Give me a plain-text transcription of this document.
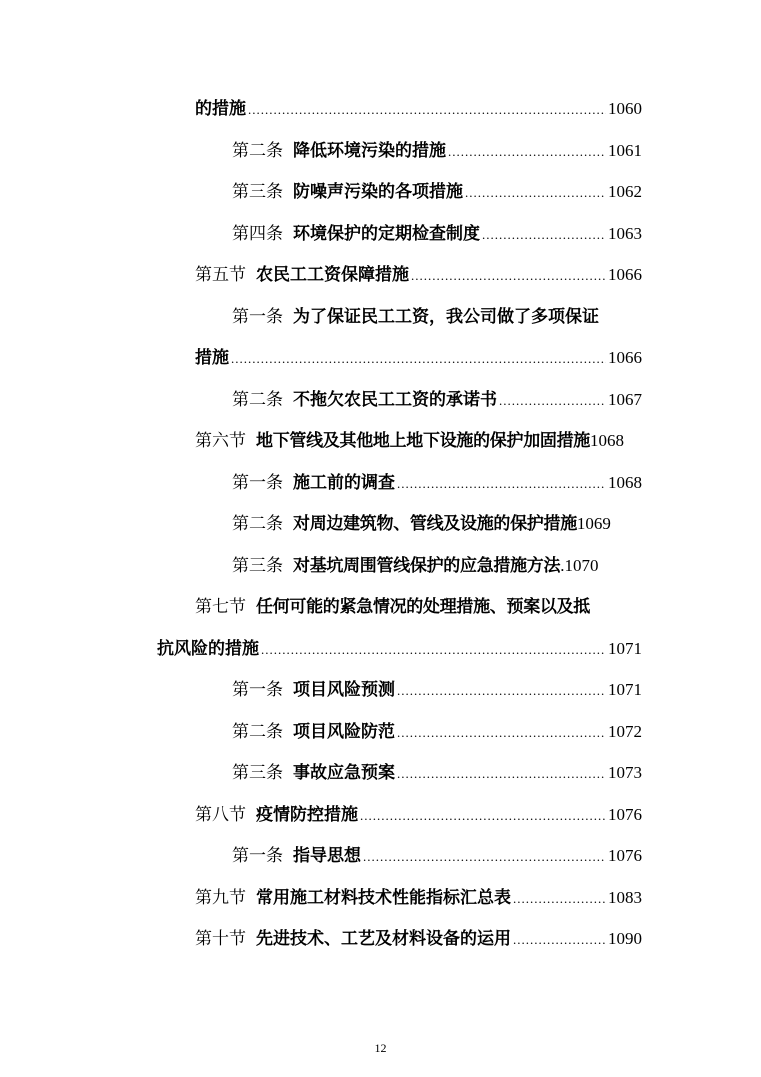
的措施 .....	1060
第二条 降低环境污染的措施 .....	1061
第三条 防噪声污染的各项措施 .....	1062
第四条 环境保护的定期检查制度 .....	1063
第五节 农民工工资保障措施 .....	1066
第一条 为了保证民工工资，我公司做了多项保证
措施 .....	1066
第二条 不拖欠农民工工资的承诺书 .....	1067
第六节 地下管线及其他地上地下设施的保护加固措施1068
第一条 施工前的调查 .....	1068
第二条 对周边建筑物、管线及设施的保护措施1069
第三条 对基坑周围管线保护的应急措施方法.1070
第七节 任何可能的紧急情况的处理措施、预案以及抵
抗风险的措施 .....	1071
第一条 项目风险预测 .....	1071
第二条 项目风险防范 .....	1072
第三条 事故应急预案 .....	1073
第八节 疫情防控措施 .....	1076
第一条 指导思想 .....	1076
第九节 常用施工材料技术性能指标汇总表 .....	1083
第十节 先进技术、工艺及材料设备的运用 .....	1090
12
